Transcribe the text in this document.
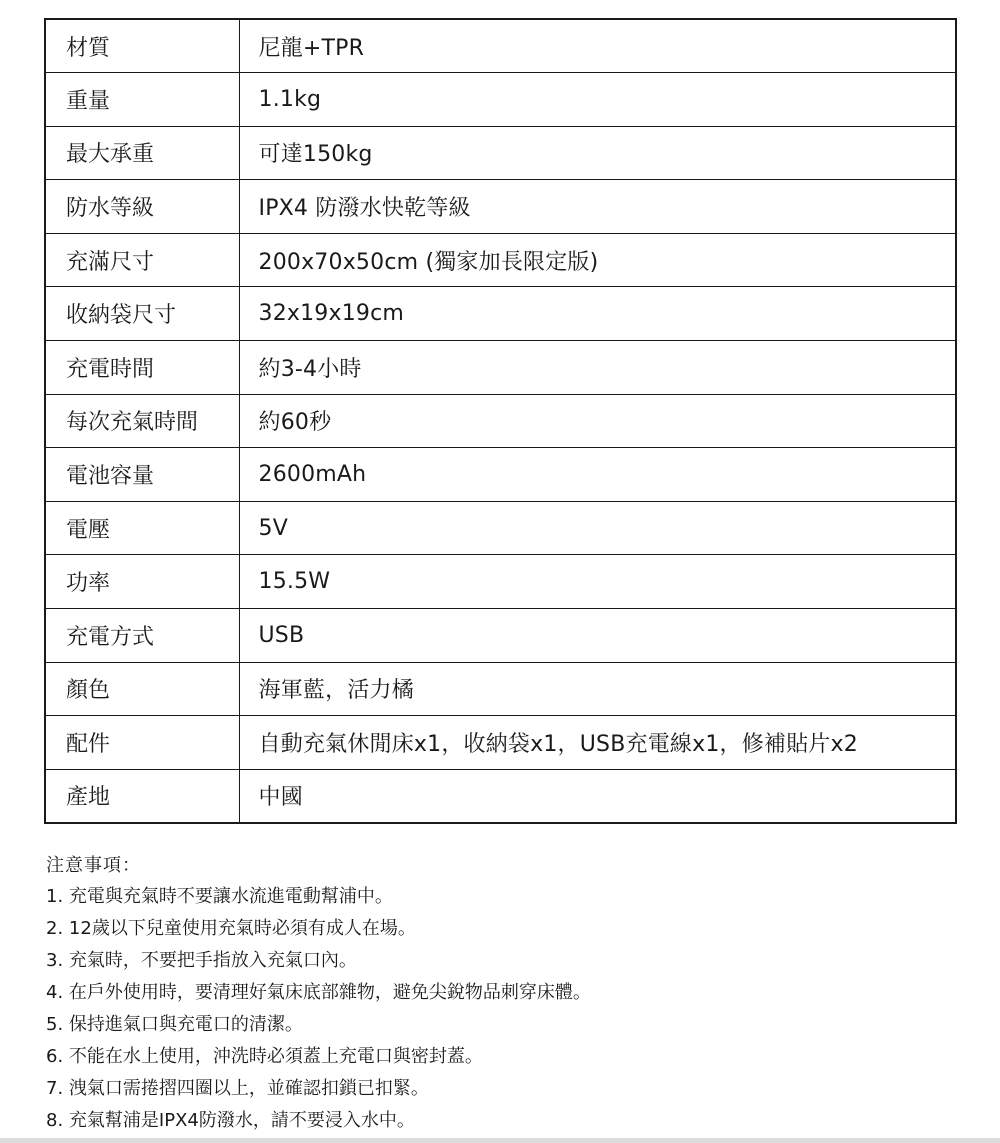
材質	尼龍+TPR
重量	1.1kg
最大承重	可達150kg
防水等級	IPX4 防潑水快乾等級
充滿尺寸	200x70x50cm (獨家加長限定版)
收納袋尺寸	32x19x19cm
充電時間	約3-4小時
每次充氣時間	約60秒
電池容量	2600mAh
電壓	5V
功率	15.5W
充電方式	USB
顏色	海軍藍，活力橘
配件	自動充氣休閒床x1，收納袋x1，USB充電線x1，修補貼片x2
產地	中國
注意事項：
1. 充電與充氣時不要讓水流進電動幫浦中。
2. 12歲以下兒童使用充氣時必須有成人在場。
3. 充氣時，不要把手指放入充氣口內。
4. 在戶外使用時，要清理好氣床底部雜物，避免尖銳物品刺穿床體。
5. 保持進氣口與充電口的清潔。
6. 不能在水上使用，沖洗時必須蓋上充電口與密封蓋。
7. 洩氣口需捲摺四圈以上，並確認扣鎖已扣緊。
8. 充氣幫浦是IPX4防潑水，請不要浸入水中。
